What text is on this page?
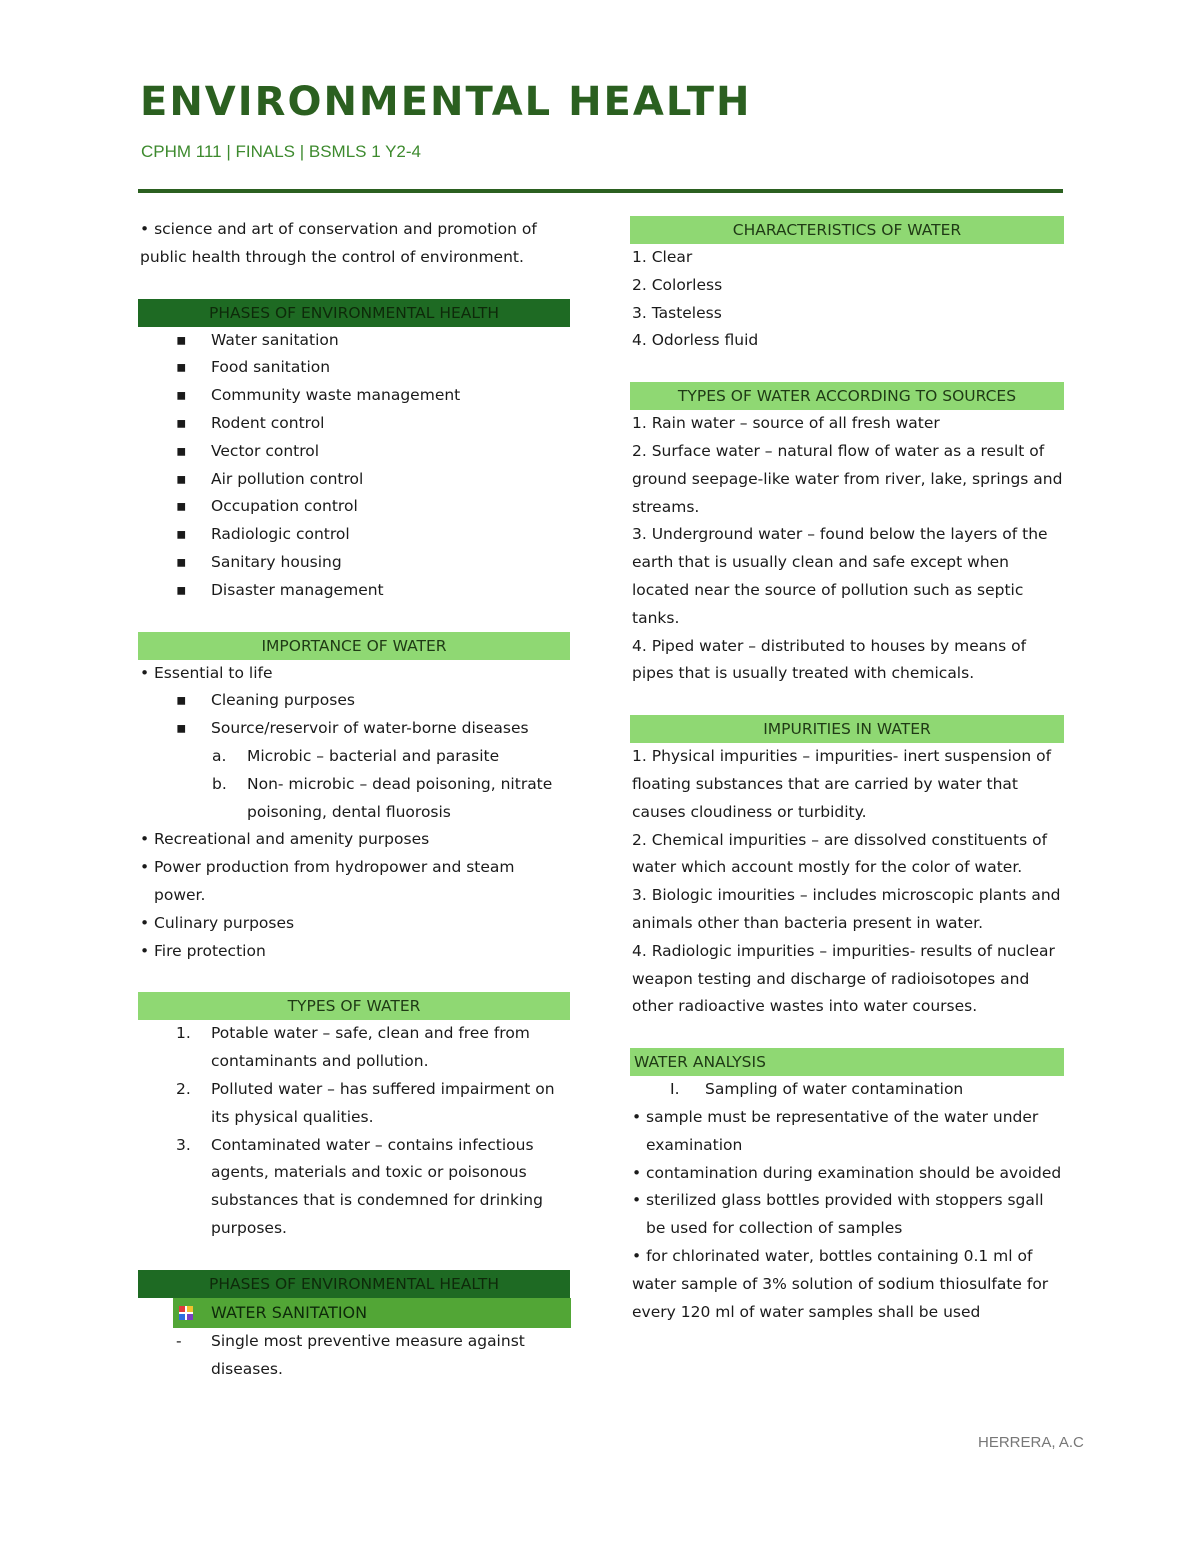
ENVIRONMENTAL HEALTH
CPHM 111 | FINALS | BSMLS 1 Y2-4

• science and art of conservation and promotion of public health through the control of environment.

PHASES OF ENVIRONMENTAL HEALTH
▪ Water sanitation
▪ Food sanitation
▪ Community waste management
▪ Rodent control
▪ Vector control
▪ Air pollution control
▪ Occupation control
▪ Radiologic control
▪ Sanitary housing
▪ Disaster management
IMPORTANCE OF WATER
• Essential to life
▪ Cleaning purposes
▪ Source/reservoir of water-borne diseases
a. Microbic – bacterial and parasite
b. Non- microbic – dead poisoning, nitrate poisoning, dental fluorosis
• Recreational and amenity purposes
• Power production from hydropower and steam power.
• Culinary purposes
• Fire protection
TYPES OF WATER
1. Potable water – safe, clean and free from contaminants and pollution.
2. Polluted water – has suffered impairment on its physical qualities.
3. Contaminated water – contains infectious agents, materials and toxic or poisonous substances that is condemned for drinking purposes.
PHASES OF ENVIRONMENTAL HEALTH
WATER SANITATION
- Single most preventive measure against diseases.
CHARACTERISTICS OF WATER

1. Clear

2. Colorless

3. Tasteless

4. Odorless fluid

TYPES OF WATER ACCORDING TO SOURCES

1. Rain water – source of all fresh water

2. Surface water – natural flow of water as a result of ground seepage-like water from river, lake, springs and streams.

3. Underground water – found below the layers of the earth that is usually clean and safe except when located near the source of pollution such as septic tanks.

4. Piped water – distributed to houses by means of pipes that is usually treated with chemicals.

IMPURITIES IN WATER

1. Physical impurities – impurities- inert suspension of floating substances that are carried by water that causes cloudiness or turbidity.

2. Chemical impurities – are dissolved constituents of water which account mostly for the color of water.

3. Biologic imourities – includes microscopic plants and animals other than bacteria present in water.

4. Radiologic impurities – impurities- results of nuclear weapon testing and discharge of radioisotopes and other radioactive wastes into water courses.

WATER ANALYSIS
I. Sampling of water contamination
• sample must be representative of the water under examination
• contamination during examination should be avoided
• sterilized glass bottles provided with stoppers sgall be used for collection of samples

• for chlorinated water, bottles containing 0.1 ml of water sample of 3% solution of sodium thiosulfate for every 120 ml of water samples shall be used

HERRERA, A.C
